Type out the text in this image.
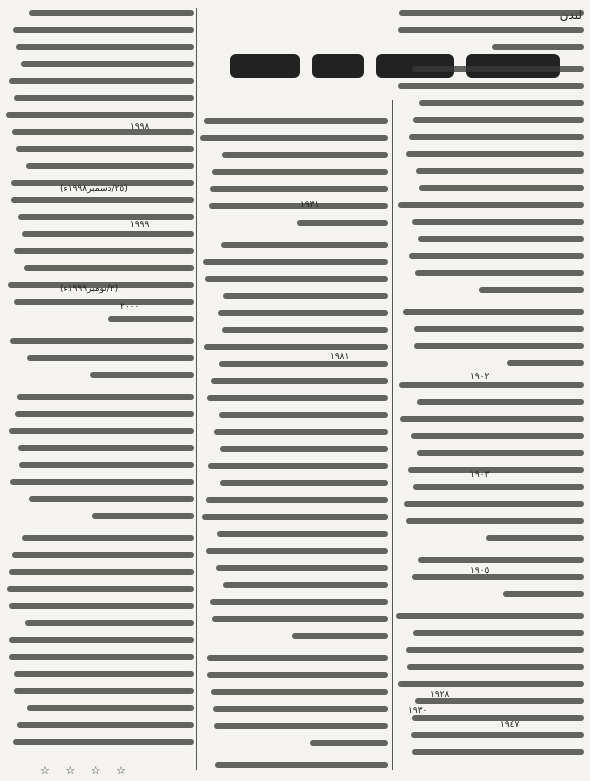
١٩٠٢
١٩٠٣
١٩٠٥
١٩٢٨
١٩٣٠
١٩٤٧
١٩٣١
١٩٨١
١٩٩٨
(٢٥/دسمبر١٩٩٨ء)
١٩٩٩
(٢/نومبر١٩٩٩ء)
٢٠٠٠
☆ ☆ ☆ ☆
